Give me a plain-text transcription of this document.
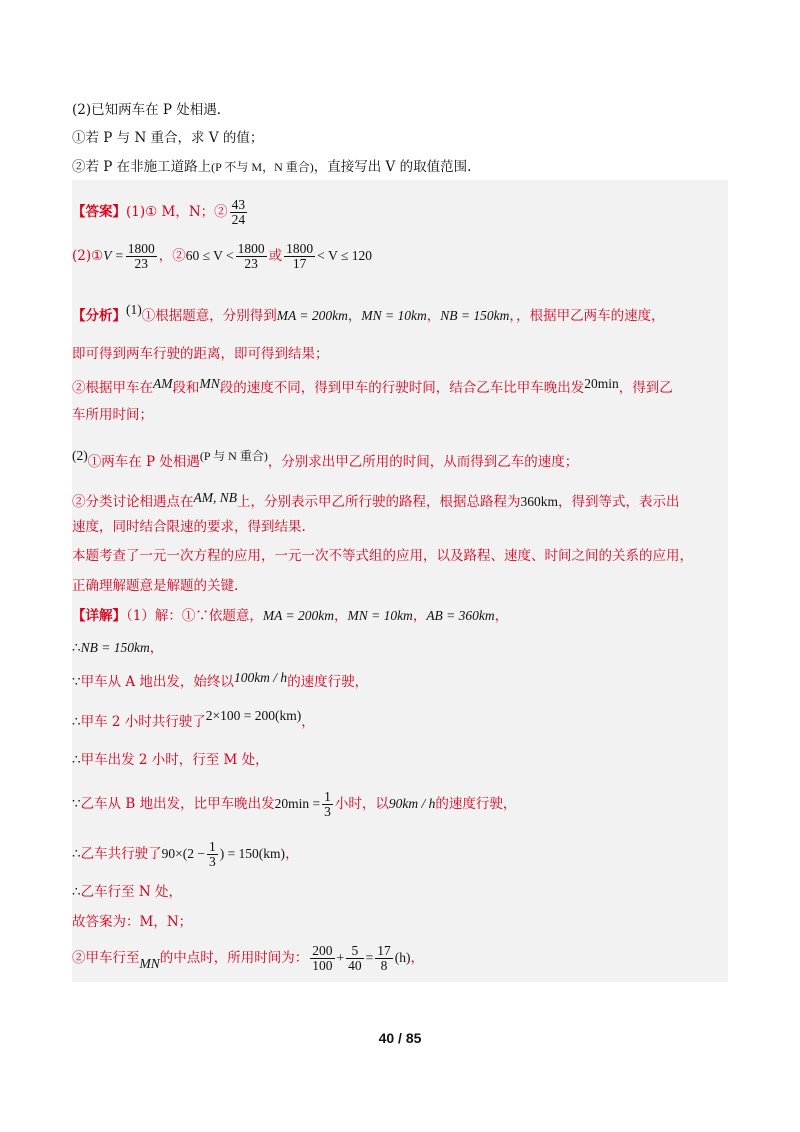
(2)已知两车在 P 处相遇.
①若 P 与 N 重合，求 V 的值；
②若 P 在非施工道路上(P 不与 M，N 重合)，直接写出 V 的取值范围.
【答案】(1)① M，N；② $\frac{43}{24}$
(2)①V = $\frac{1800}{23}$ ，②60 ≤ $V < \frac{1800}{23}$ 或 $\frac{1800}{17} < V \le 120$
【分析】(1)①根据题意，分别得到MA = 200km，MN = 10km，NB = 150km，，根据甲乙两车的速度，
即可得到两车行驶的距离，即可得到结果；
②根据甲车在AM段和MN段的速度不同，得到甲车的行驶时间，结合乙车比甲车晚出发20min，得到乙
车所用时间；
(2)①两车在 P 处相遇(P 与 N 重合)，分别求出甲乙所用的时间，从而得到乙车的速度；
②分类讨论相遇点在AM, NB上，分别表示甲乙所行驶的路程，根据总路程为360km，得到等式，表示出
速度，同时结合限速的要求，得到结果.
本题考查了一元一次方程的应用，一元一次不等式组的应用，以及路程、速度、时间之间的关系的应用，
正确理解题意是解题的关键.
【详解】（1）解：①∵依题意，MA = 200km，MN = 10km，AB = 360km，
∴NB = 150km，
∵甲车从 A 地出发，始终以100km / h的速度行驶，
∴甲车 2 小时共行驶了2×100 = 200(km)，
∴甲车出发 2 小时，行至 M 处，
∵乙车从 B 地出发，比甲车晚出发$20\min = \frac{1}{3}$ 小时，以90km / h的速度行驶，
∴乙车共行驶了$90\times(2 - \frac{1}{3}$ ) = 150(km)，
∴乙车行至 N 处，
故答案为：M，N；
②甲车行至MN的中点时，所用时间为： $\frac{200}{100} + \frac{5}{40} = \frac{17}{8} (h)$，
40 / 85
